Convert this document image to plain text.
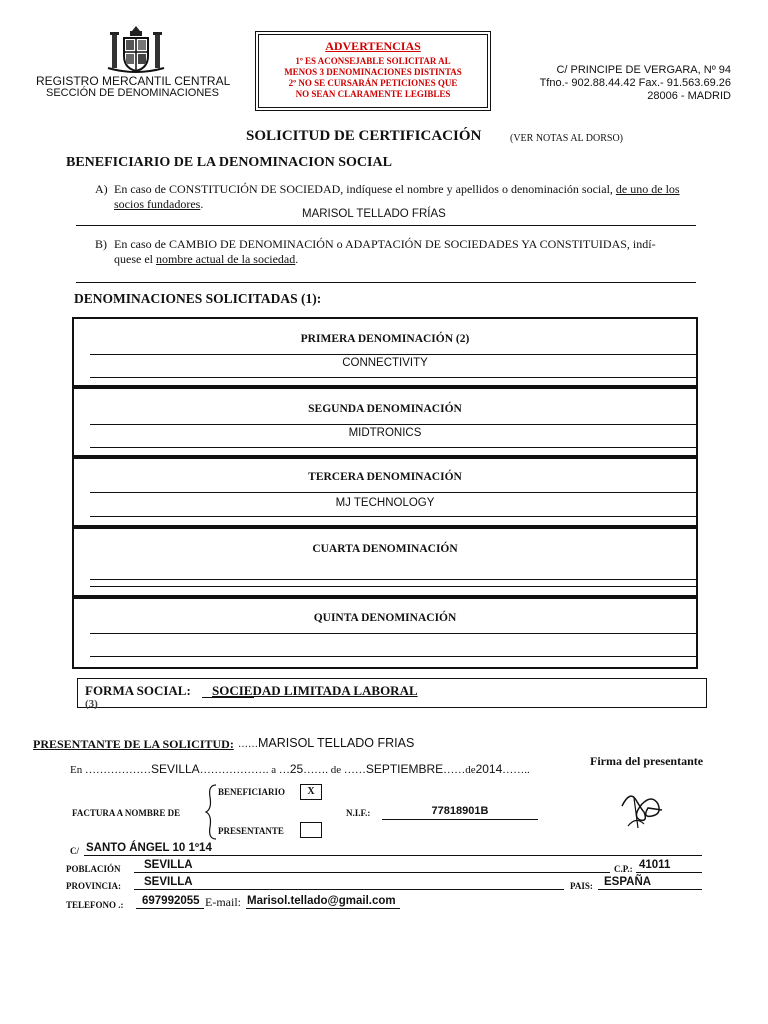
REGISTRO MERCANTIL CENTRAL
SECCIÓN DE DENOMINACIONES
ADVERTENCIAS
1º ES ACONSEJABLE SOLICITAR AL
MENOS 3 DENOMINACIONES DISTINTAS
2º NO SE CURSARÁN PETICIONES QUE
NO SEAN CLARAMENTE LEGIBLES
C/ PRINCIPE DE VERGARA, Nº 94
Tfno.- 902.88.44.42 Fax.- 91.563.69.26
28006 - MADRID
SOLICITUD DE CERTIFICACIÓN	(VER NOTAS AL DORSO)
BENEFICIARIO DE LA DENOMINACION SOCIAL
A) En caso de CONSTITUCIÓN DE SOCIEDAD, indíquese el nombre y apellidos o denominación social, de uno de los socios fundadores.
MARISOL TELLADO FRÍAS
B) En caso de CAMBIO DE DENOMINACIÓN o ADAPTACIÓN DE SOCIEDADES YA CONSTITUIDAS, indí-
quese el nombre actual de la sociedad.
DENOMINACIONES SOLICITADAS (1):
PRIMERA DENOMINACIÓN (2)
CONNECTIVITY
SEGUNDA DENOMINACIÓN
MIDTRONICS
TERCERA DENOMINACIÓN
MJ TECHNOLOGY
CUARTA DENOMINACIÓN
QUINTA DENOMINACIÓN
FORMA SOCIAL: SOCIEDAD LIMITADA LABORAL
(3)
PRESENTANTE DE LA SOLICITUD: ……MARISOL TELLADO FRIAS
Firma del presentante
En ………………SEVILLA………………. a …25……. de ……SEPTIEMBRE……de2014……..
FACTURA A NOMBRE DE
BENEFICIARIO	X
PRESENTANTE
N.I.F.:	77818901B
C/ SANTO ÁNGEL 10 1º14
POBLACIÓN SEVILLA	C.P.: 41011
PROVINCIA: SEVILLA	PAIS: ESPAÑA
TELEFONO .: 697992055 E-mail: Marisol.tellado@gmail.com
